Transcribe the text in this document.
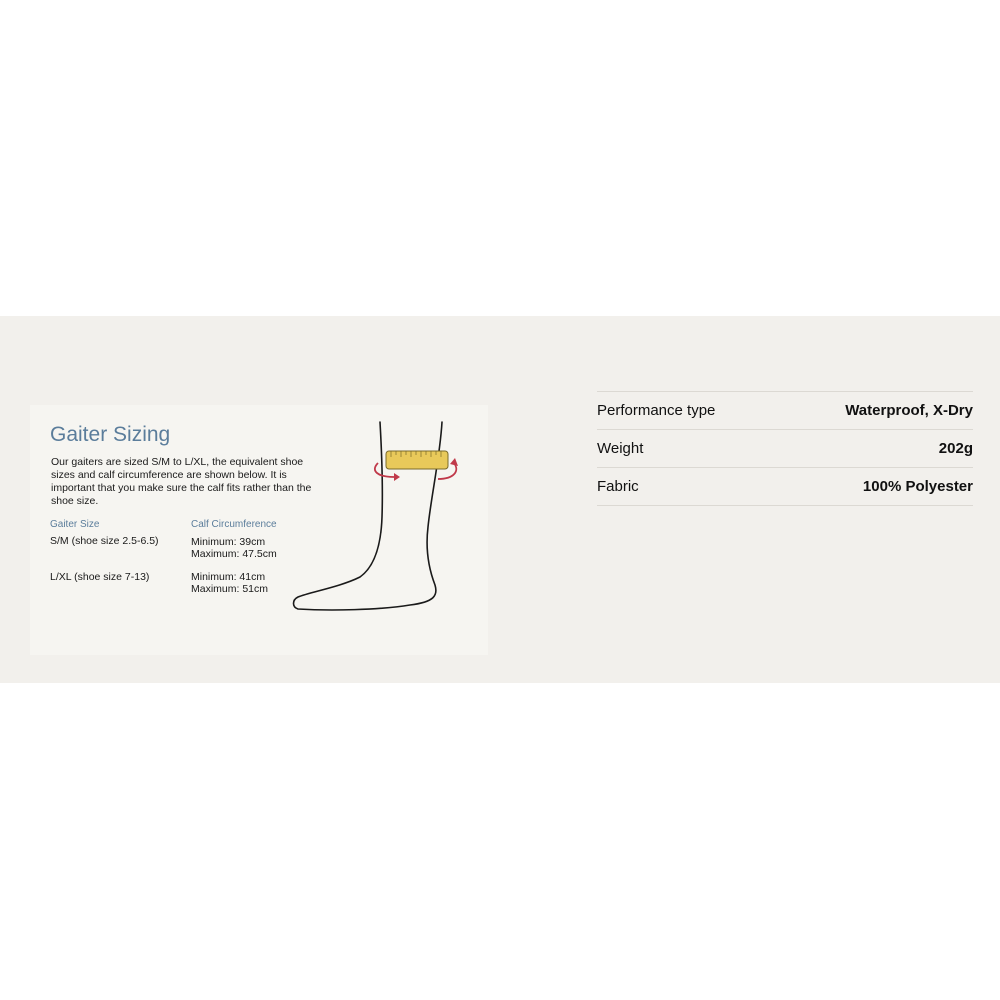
Gaiter Sizing

Our gaiters are sized S/M to L/XL, the equivalent shoe sizes and calf circumference are shown below. It is important that you make sure the calf fits rather than the shoe size.

Gaiter Size	Calf Circumference
S/M (shoe size 2.5-6.5)	Minimum: 39cm
Maximum: 47.5cm
L/XL (shoe size 7-13)	Minimum: 41cm
Maximum: 51cm
Performance type	Waterproof, X-Dry
Weight	202g
Fabric	100% Polyester
